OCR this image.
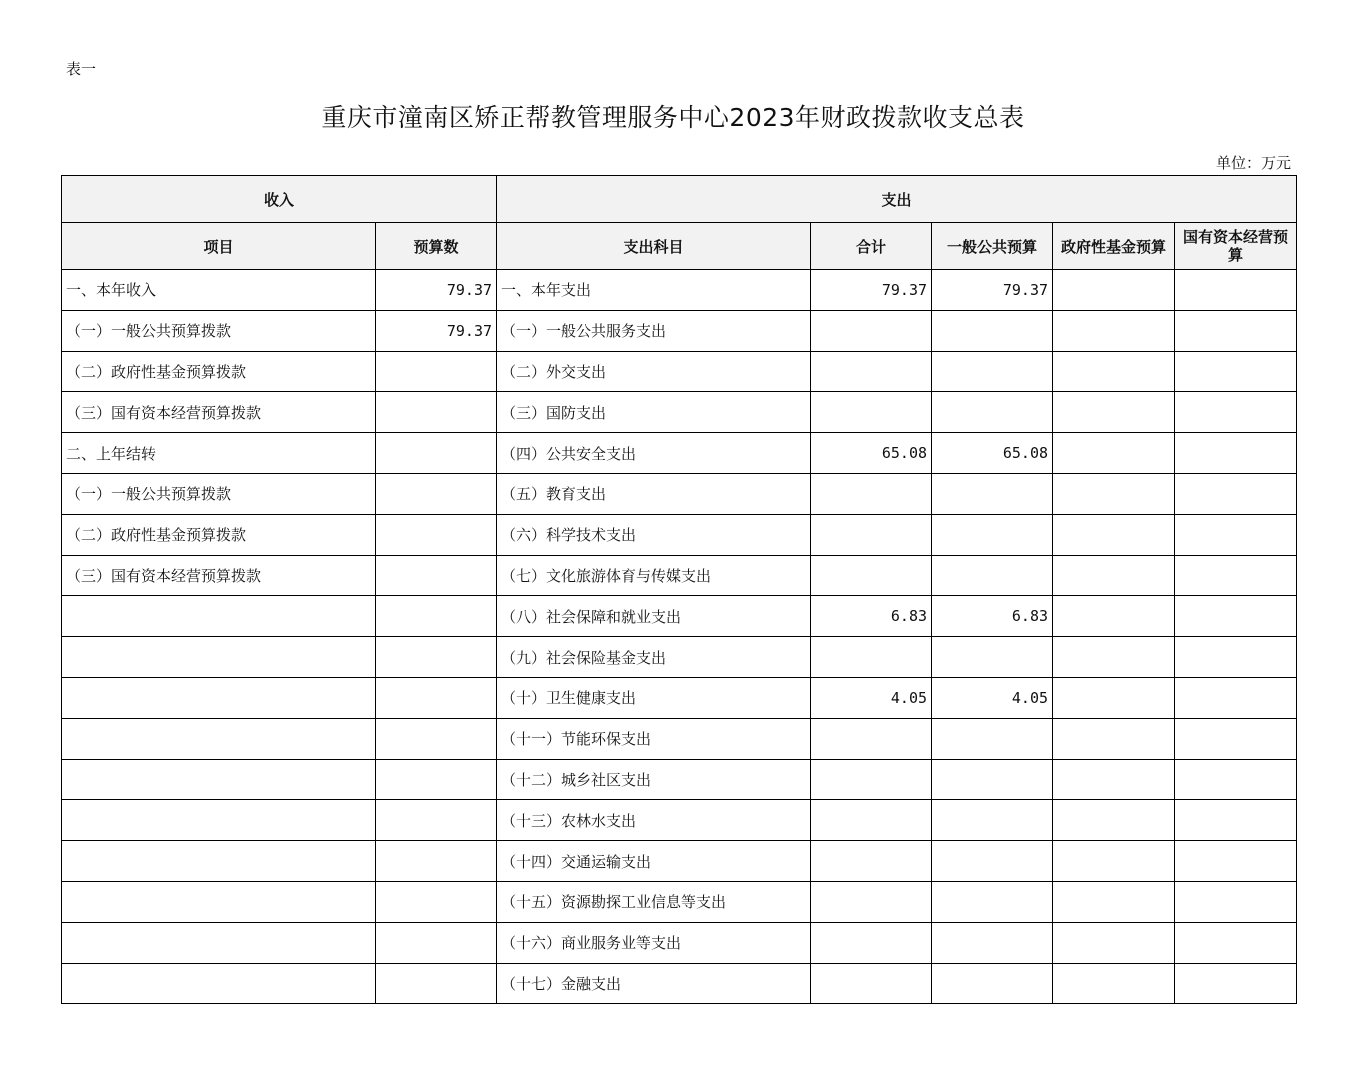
表一
重庆市潼南区矫正帮教管理服务中心2023年财政拨款收支总表
单位：万元
收入		支出				
项目	预算数	支出科目	合计	一般公共预算	政府性基金预算	国有资本经营预算
一、本年收入	79.37	一、本年支出	79.37	79.37		
（一）一般公共预算拨款	79.37	（一）一般公共服务支出				
（二）政府性基金预算拨款		（二）外交支出				
（三）国有资本经营预算拨款		（三）国防支出				
二、上年结转		（四）公共安全支出	65.08	65.08		
（一）一般公共预算拨款		（五）教育支出				
（二）政府性基金预算拨款		（六）科学技术支出				
（三）国有资本经营预算拨款		（七）文化旅游体育与传媒支出				
		（八）社会保障和就业支出	6.83	6.83		
		（九）社会保险基金支出				
		（十）卫生健康支出	4.05	4.05		
		（十一）节能环保支出				
		（十二）城乡社区支出				
		（十三）农林水支出				
		（十四）交通运输支出				
		（十五）资源勘探工业信息等支出				
		（十六）商业服务业等支出				
		（十七）金融支出				
